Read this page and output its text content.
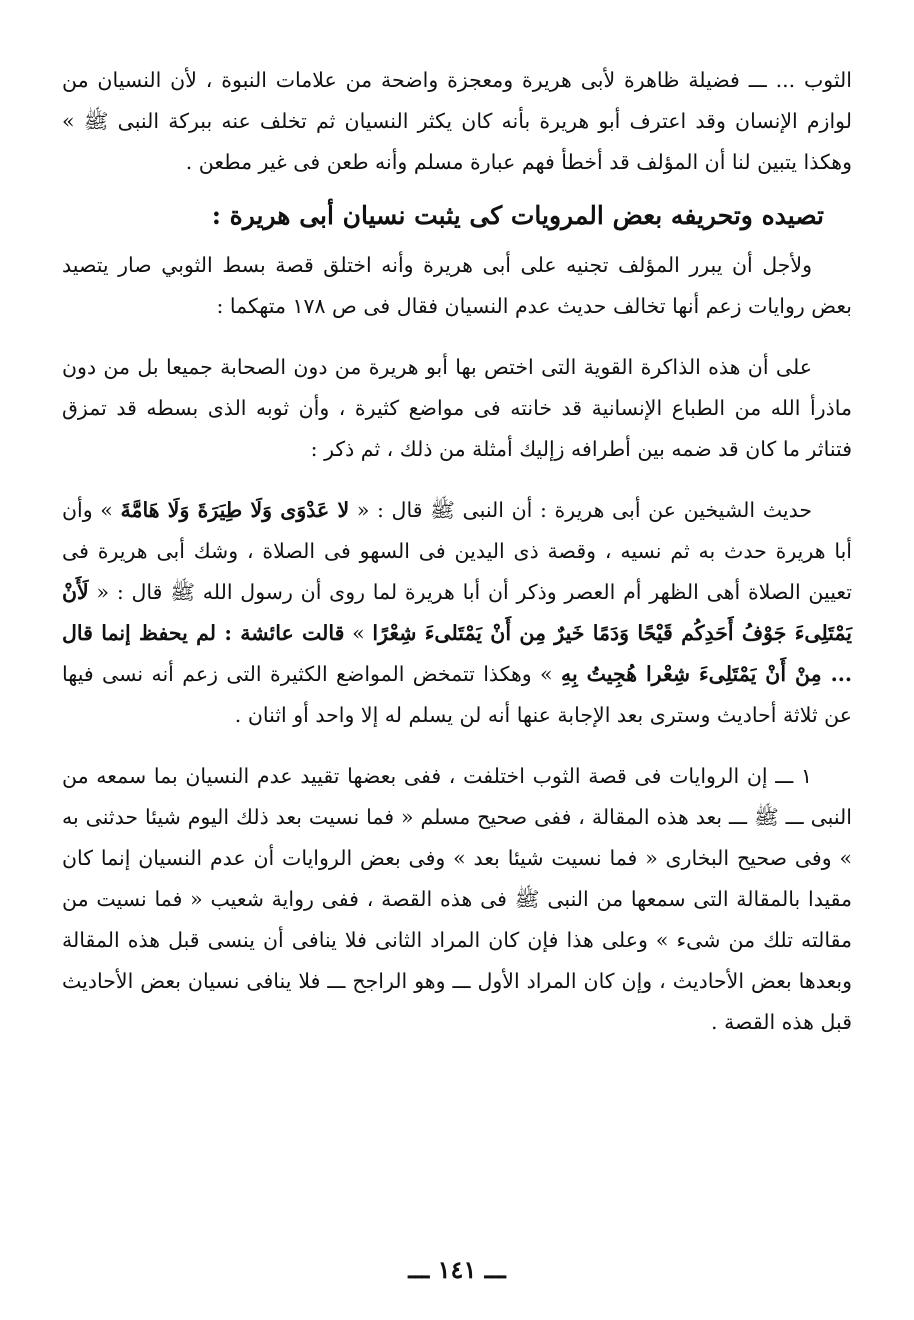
الثوب ... ـــ فضيلة ظاهرة لأبى هريرة ومعجزة واضحة من علامات النبوة ، لأن النسيان من لوازم الإنسان وقد اعترف أبو هريرة بأنه كان يكثر النسيان ثم تخلف عنه ببركة النبى ﷺ » وهكذا يتبين لنا أن المؤلف قد أخطأ فهم عبارة مسلم وأنه طعن فى غير مطعن .

تصيده وتحريفه بعض المرويات كى يثبت نسيان أبى هريرة :

ولأجل أن يبرر المؤلف تجنيه على أبى هريرة وأنه اختلق قصة بسط الثوبي صار يتصيد بعض روايات زعم أنها تخالف حديث عدم النسيان فقال فى ص ١٧٨ متهكما :

على أن هذه الذاكرة القوية التى اختص بها أبو هريرة من دون الصحابة جميعا بل من دون ماذرأ الله من الطباع الإنسانية قد خانته فى مواضع كثيرة ، وأن ثوبه الذى بسطه قد تمزق فتناثر ما كان قد ضمه بين أطرافه زإليك أمثلة من ذلك ، ثم ذكر :

حديث الشيخين عن أبى هريرة : أن النبى ﷺ قال : « لا عَدْوَى وَلَا طِيَرَةَ وَلَا هَامَّةَ » وأن أبا هريرة حدث به ثم نسيه ، وقصة ذى اليدين فى السهو فى الصلاة ، وشك أبى هريرة فى تعيين الصلاة أهى الظهر أم العصر وذكر أن أبا هريرة لما روى أن رسول الله ﷺ قال : « لَأَنْ يَمْتَلِىءَ جَوْفُ أَحَدِكُم قَيْحًا وَدَمًا خَيرٌ مِن أَنْ يَمْتَلىءَ شِعْرًا » قالت عائشة : لم يحفظ إنما قال ... مِنْ أَنْ يَمْتَلِىءَ شِعْرا هُجِيتُ بِهِ » وهكذا تتمخض المواضع الكثيرة التى زعم أنه نسى فيها عن ثلاثة أحاديث وسترى بعد الإجابة عنها أنه لن يسلم له إلا واحد أو اثنان .

١ ـــ إن الروايات فى قصة الثوب اختلفت ، ففى بعضها تقييد عدم النسيان بما سمعه من النبى ـــ ﷺ ـــ بعد هذه المقالة ، ففى صحيح مسلم « فما نسيت بعد ذلك اليوم شيئا حدثنى به » وفى صحيح البخارى « فما نسيت شيئا بعد » وفى بعض الروايات أن عدم النسيان إنما كان مقيدا بالمقالة التى سمعها من النبى ﷺ فى هذه القصة ، ففى رواية شعيب « فما نسيت من مقالته تلك من شىء » وعلى هذا فإن كان المراد الثانى فلا ينافى أن ينسى قبل هذه المقالة وبعدها بعض الأحاديث ، وإن كان المراد الأول ـــ وهو الراجح ـــ فلا ينافى نسيان بعض الأحاديث قبل هذه القصة .

ـــ ١٤١ ـــ
